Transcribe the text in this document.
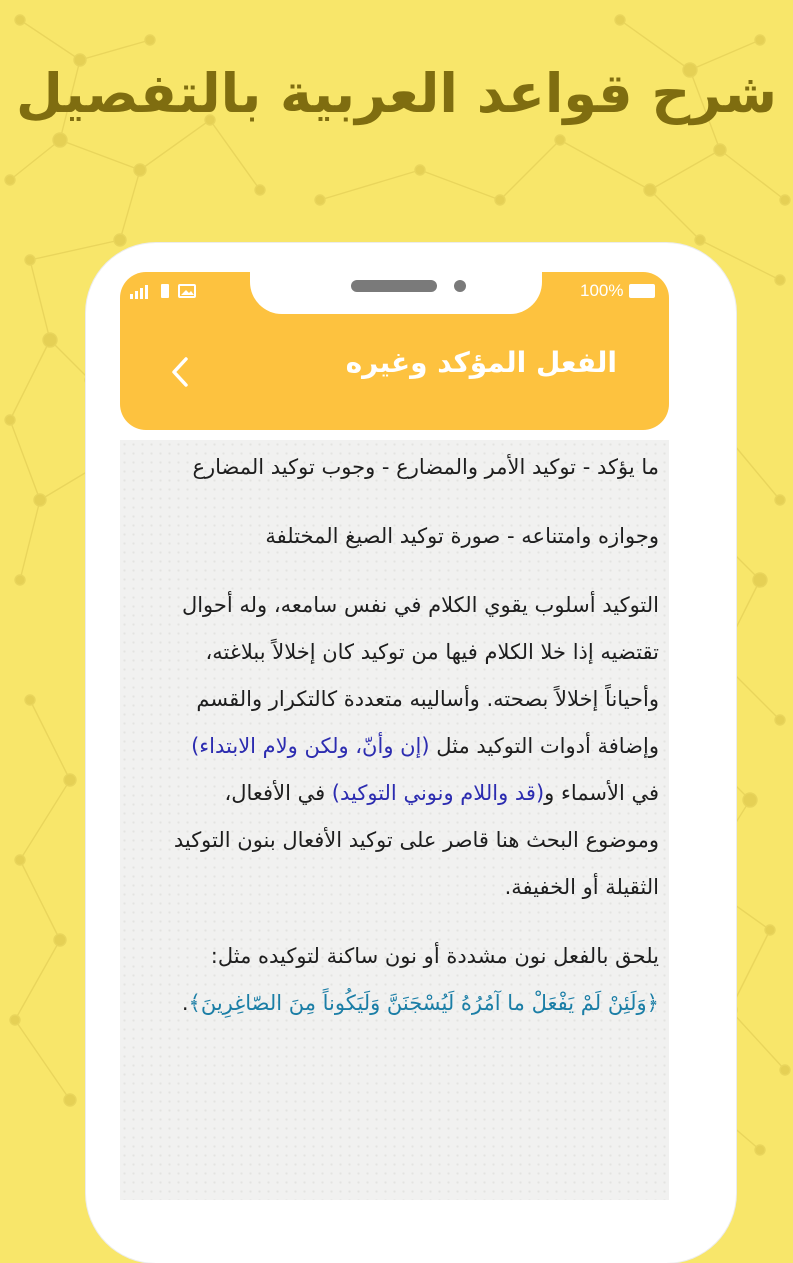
شرح قواعد العربية بالتفصيل
100%
الفعل المؤكد وغيره

ما يؤكد - توكيد الأمر والمضارع - وجوب توكيد المضارع

وجوازه وامتناعه - صورة توكيد الصيغ المختلفة

التوكيد أسلوب يقوي الكلام في نفس سامعه، وله أحوال تقتضيه إذا خلا الكلام فيها من توكيد كان إخلالاً ببلاغته، وأحياناً إخلالاً بصحته. وأساليبه متعددة كالتكرار والقسم وإضافة أدوات التوكيد مثل (إن وأنّ، ولكن ولام الابتداء) في الأسماء و(قد واللام ونوني التوكيد) في الأفعال، وموضوع البحث هنا قاصر على توكيد الأفعال بنون التوكيد الثقيلة أو الخفيفة.

يلحق بالفعل نون مشددة أو نون ساكنة لتوكيده مثل: ﴿وَلَئِنْ لَمْ يَفْعَلْ ما آمُرُهُ لَيُسْجَنَنَّ وَلَيَكُوناً مِنَ الصّاغِرِينَ﴾.
